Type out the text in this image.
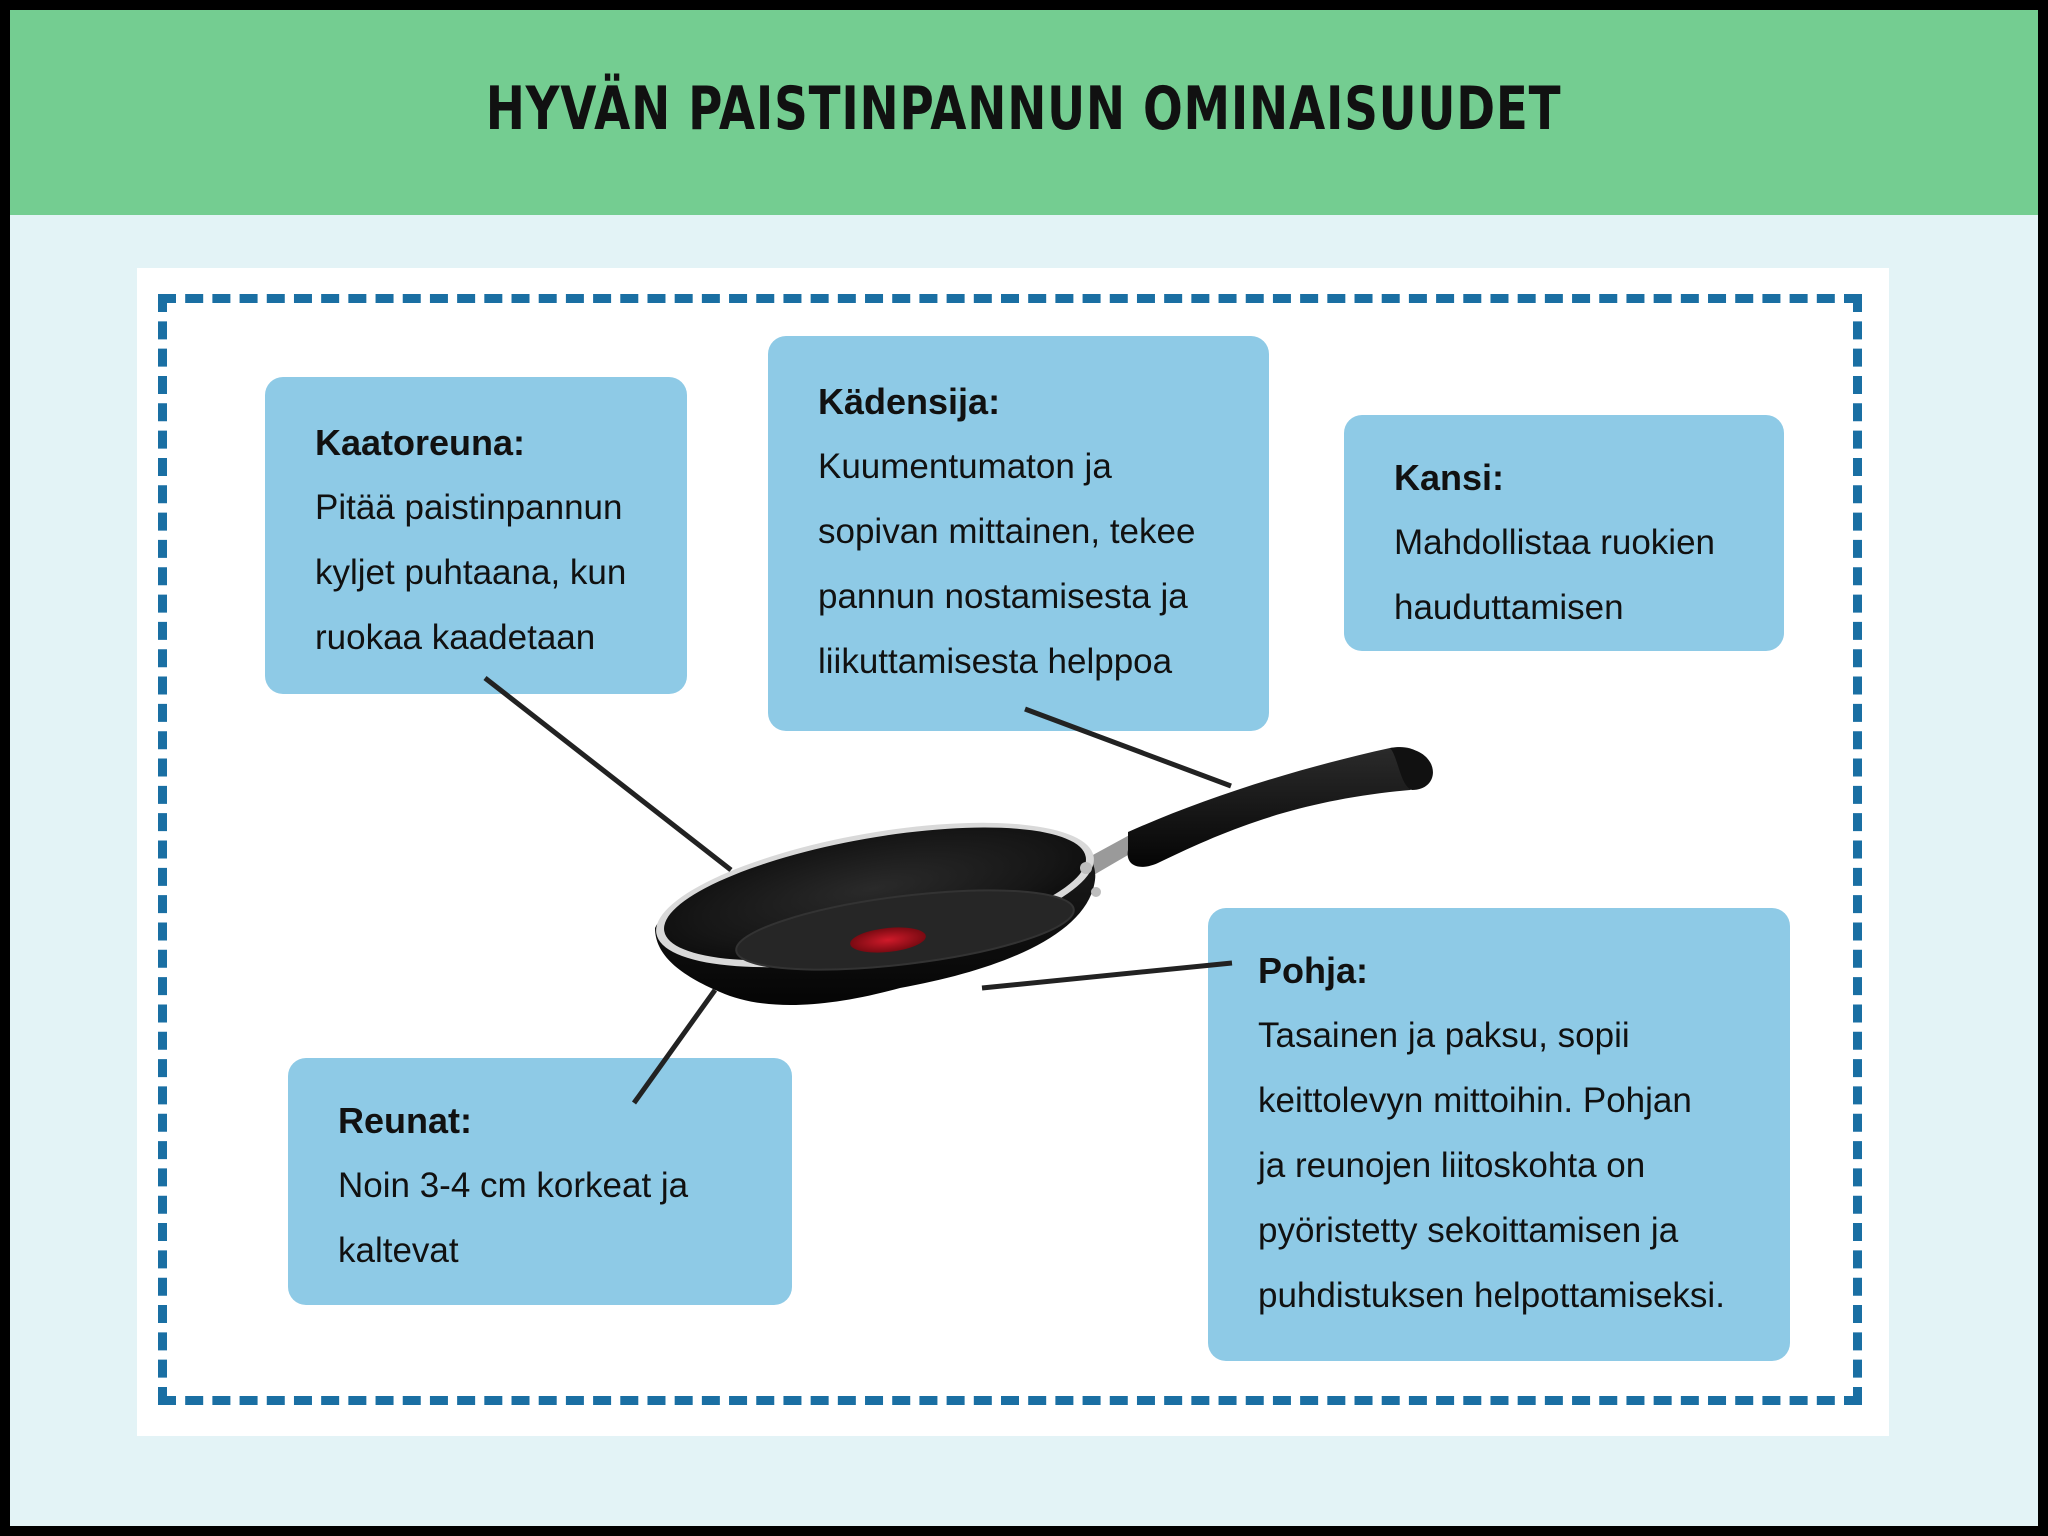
HYVÄN PAISTINPANNUN OMINAISUUDET
Kaatoreuna:
Pitää paistinpannun
kyljet puhtaana, kun
ruokaa kaadetaan
Kädensija:
Kuumentumaton ja
sopivan mittainen, tekee
pannun nostamisesta ja
liikuttamisesta helppoa
Kansi:
Mahdollistaa ruokien
hauduttamisen
Pohja:
Tasainen ja paksu, sopii
keittolevyn mittoihin. Pohjan
ja reunojen liitoskohta on
pyöristetty sekoittamisen ja
puhdistuksen helpottamiseksi.
Reunat:
Noin 3-4 cm korkeat ja
kaltevat
